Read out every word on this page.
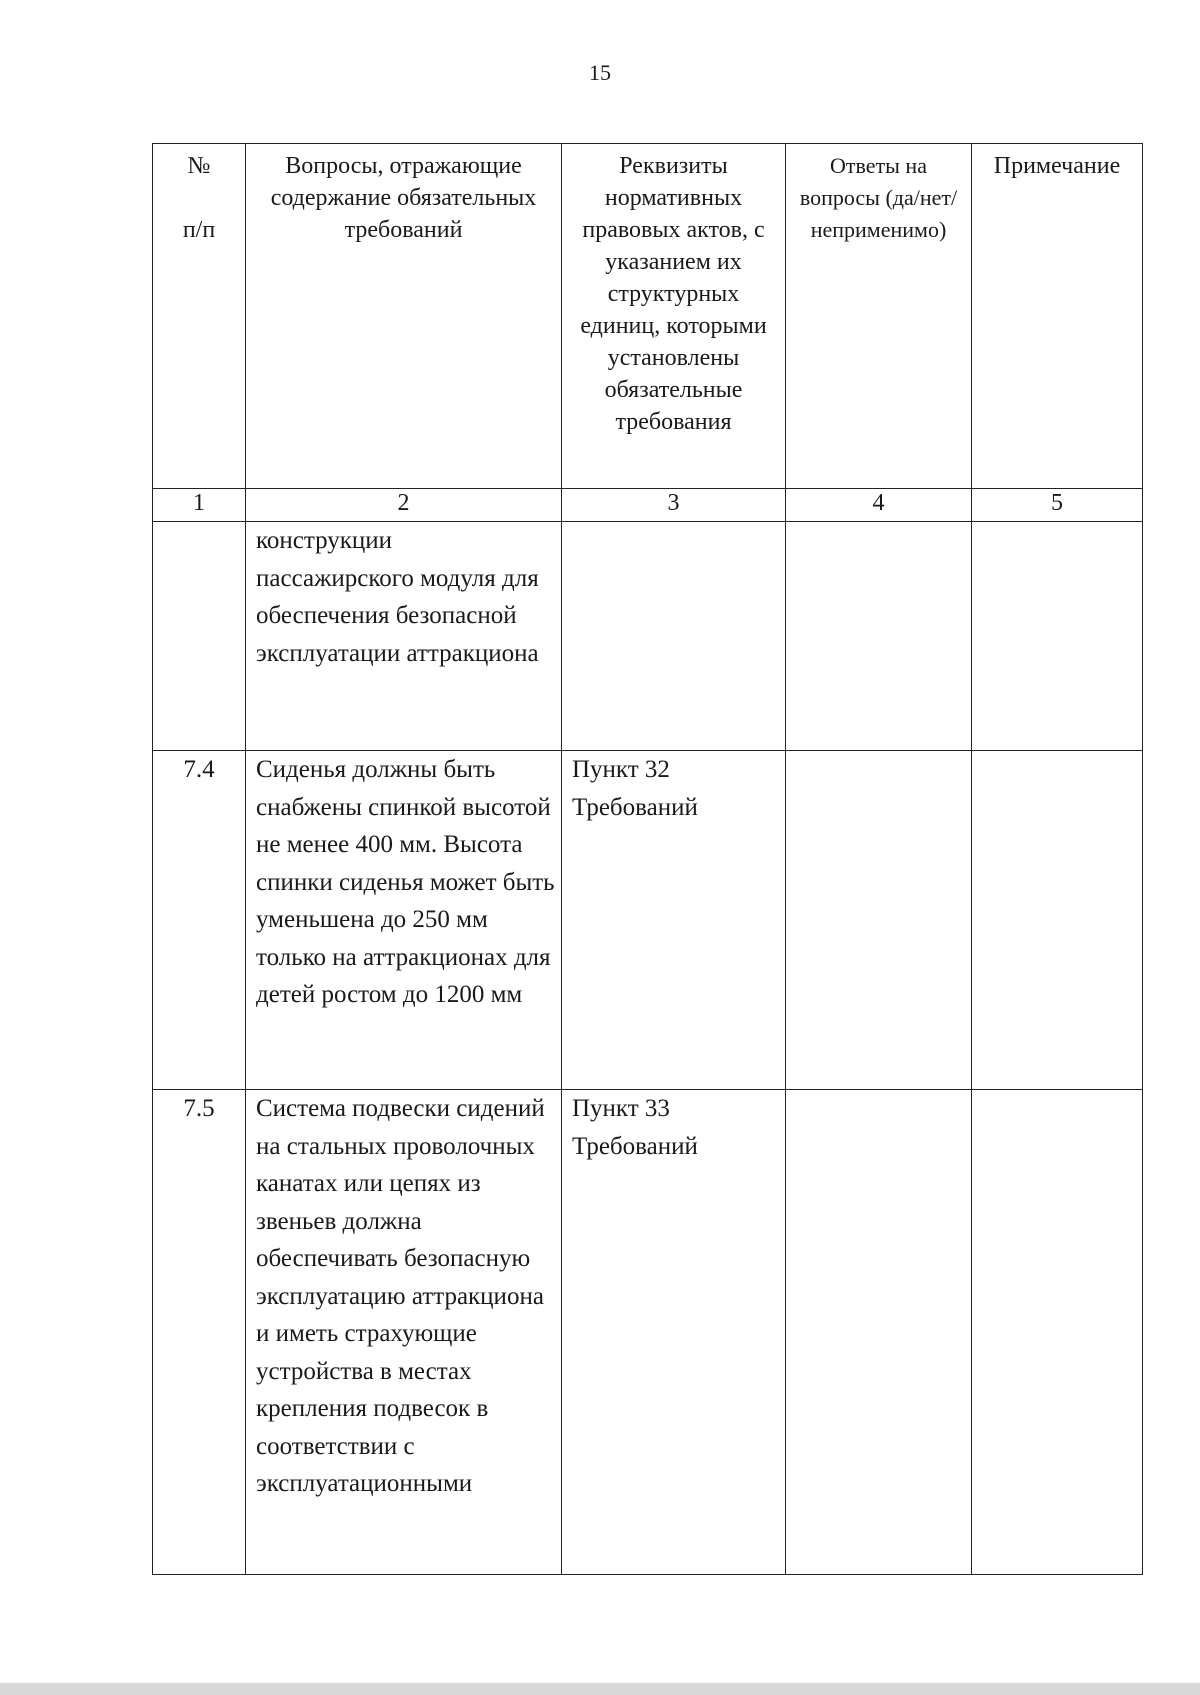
15
№

п/п	Вопросы, отражающие содержание обязательных требований	Реквизиты нормативных правовых актов, с указанием их структурных единиц, которыми установлены обязательные требования	Ответы на вопросы (да/нет/ неприменимо)	Примечание
1	2	3	4	5
	конструкции пассажирского модуля для обеспечения безопасной эксплуатации аттракциона			
7.4	Сиденья должны быть снабжены спинкой высотой не менее 400 мм. Высота спинки сиденья может быть уменьшена до 250 мм только на аттракционах для детей ростом до 1200 мм	Пункт 32 Требований		
7.5	Система подвески сидений на стальных проволочных канатах или цепях из звеньев должна обеспечивать безопасную эксплуатацию аттракциона и иметь страхующие устройства в местах крепления подвесок в соответствии с эксплуатационными	Пункт 33 Требований		
